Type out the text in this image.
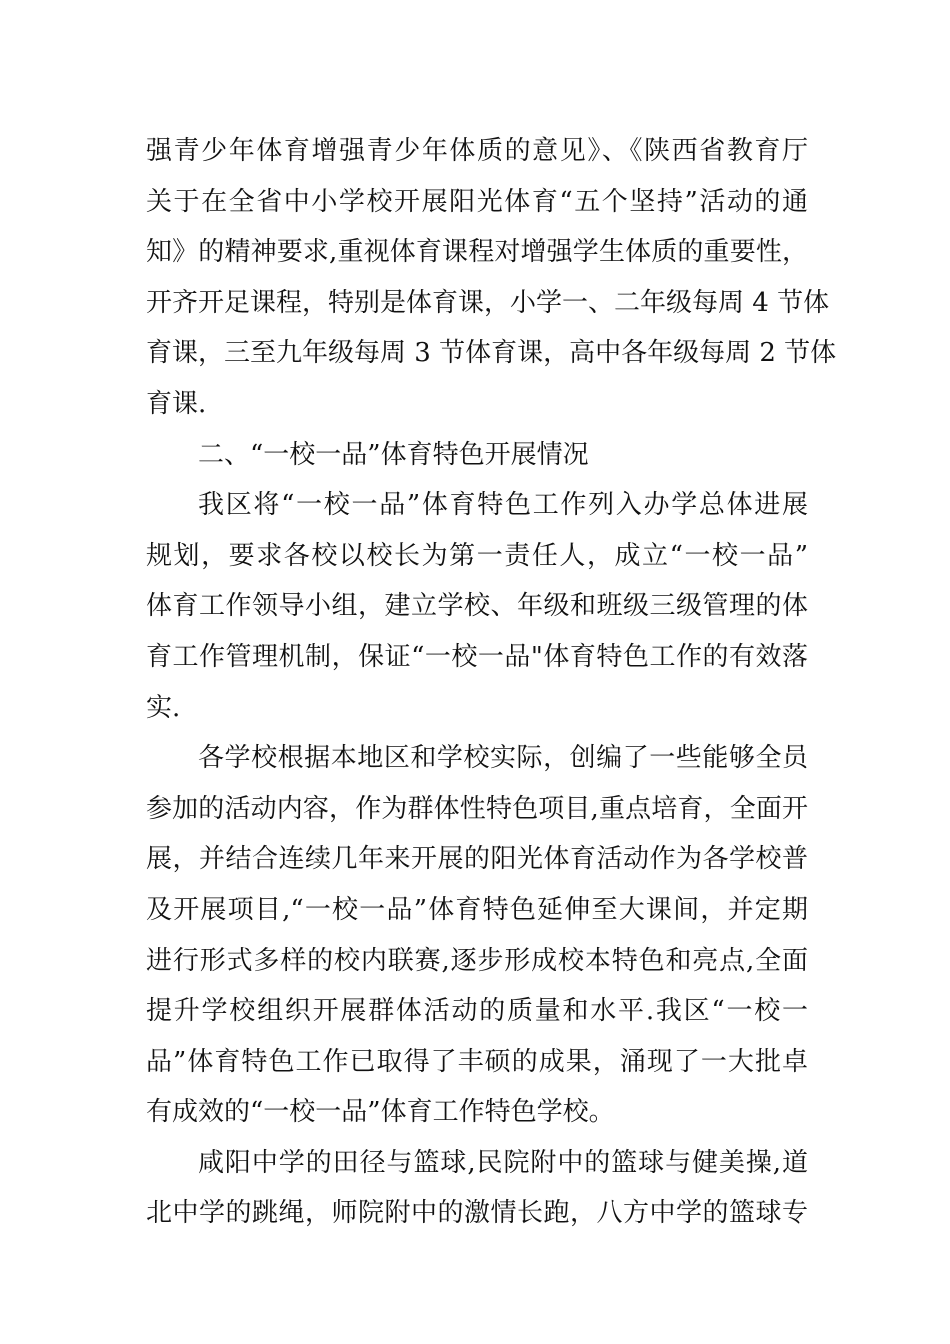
强青少年体育增强青少年体质的意见》、《陕西省教育厅
关于在全省中小学校开展阳光体育“五个坚持”活动的通
知》的精神要求,重视体育课程对增强学生体质的重要性，
开齐开足课程，特别是体育课，小学一、二年级每周 4 节体
育课，三至九年级每周 3 节体育课，高中各年级每周 2 节体
育课.
二、“一校一品”体育特色开展情况
我区将“一校一品”体育特色工作列入办学总体进展
规划，要求各校以校长为第一责任人，成立“一校一品”
体育工作领导小组，建立学校、年级和班级三级管理的体
育工作管理机制，保证“一校一品"体育特色工作的有效落
实.
各学校根据本地区和学校实际，创编了一些能够全员
参加的活动内容，作为群体性特色项目,重点培育，全面开
展，并结合连续几年来开展的阳光体育活动作为各学校普
及开展项目,“一校一品”体育特色延伸至大课间，并定期
进行形式多样的校内联赛,逐步形成校本特色和亮点,全面
提升学校组织开展群体活动的质量和水平.我区“一校一
品”体育特色工作已取得了丰硕的成果，涌现了一大批卓
有成效的“一校一品”体育工作特色学校。
咸阳中学的田径与篮球,民院附中的篮球与健美操,道
北中学的跳绳，师院附中的激情长跑，八方中学的篮球专
